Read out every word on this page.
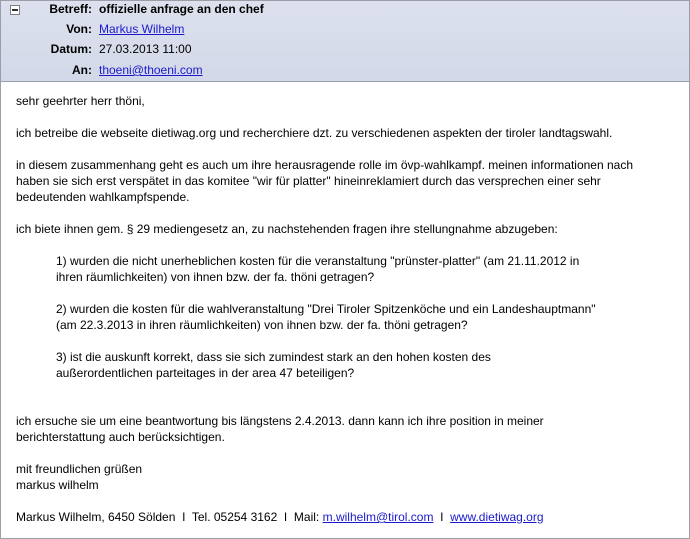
Betreff: offizielle anfrage an den chef
Von: Markus Wilhelm
Datum: 27.03.2013 11:00
An: thoeni@thoeni.com

sehr geehrter herr thöni,

ich betreibe die webseite dietiwag.org und recherchiere dzt. zu verschiedenen aspekten der tiroler landtagswahl.

in diesem zusammenhang geht es auch um ihre herausragende rolle im övp-wahlkampf. meinen informationen nach

haben sie sich erst verspätet in das komitee "wir für platter" hineinreklamiert durch das versprechen einer sehr

bedeutenden wahlkampfspende.

ich biete ihnen gem. § 29 mediengesetz an, zu nachstehenden fragen ihre stellungnahme abzugeben:

1) wurden die nicht unerheblichen kosten für die veranstaltung "prünster-platter" (am 21.11.2012 in

ihren räumlichkeiten) von ihnen bzw. der fa. thöni getragen?

2) wurden die kosten für die wahlveranstaltung "Drei Tiroler Spitzenköche und ein Landeshauptmann"

(am 22.3.2013 in ihren räumlichkeiten) von ihnen bzw. der fa. thöni getragen?

3) ist die auskunft korrekt, dass sie sich zumindest stark an den hohen kosten des

außerordentlichen parteitages in der area 47 beteiligen?

ich ersuche sie um eine beantwortung bis längstens 2.4.2013. dann kann ich ihre position in meiner

berichterstattung auch berücksichtigen.

mit freundlichen grüßen

markus wilhelm

Markus Wilhelm, 6450 Sölden  I  Tel. 05254 3162  I  Mail: m.wilhelm@tirol.com  I  www.dietiwag.org
